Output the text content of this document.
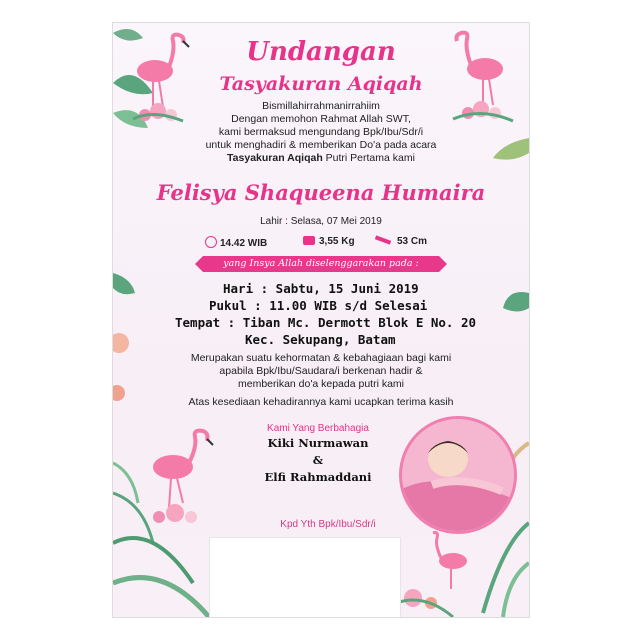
Undangan
Tasyakuran Aqiqah
Bismillahirrahmanirrahiim
Dengan memohon Rahmat Allah SWT,
kami bermaksud mengundang Bpk/Ibu/Sdr/i
untuk menghadiri & memberikan Do'a pada acara
Tasyakuran Aqiqah Putri Pertama kami
Felisya Shaqueena Humaira
Lahir : Selasa, 07 Mei 2019
14.42 WIB	3,55 Kg	53 Cm
yang Insya Allah diselenggarakan pada :
Hari : Sabtu, 15 Juni 2019
Pukul : 11.00 WIB s/d Selesai
Tempat : Tiban Mc. Dermott Blok E No. 20
Kec. Sekupang, Batam
Merupakan suatu kehormatan & kebahagiaan bagi kami
apabila Bpk/Ibu/Saudara/i berkenan hadir &
memberikan do'a kepada putri kami
Atas kesediaan kehadirannya kami ucapkan terima kasih
Kami Yang Berbahagia
Kiki Nurmawan
&
Elfi Rahmaddani
Kpd Yth Bpk/Ibu/Sdr/i
